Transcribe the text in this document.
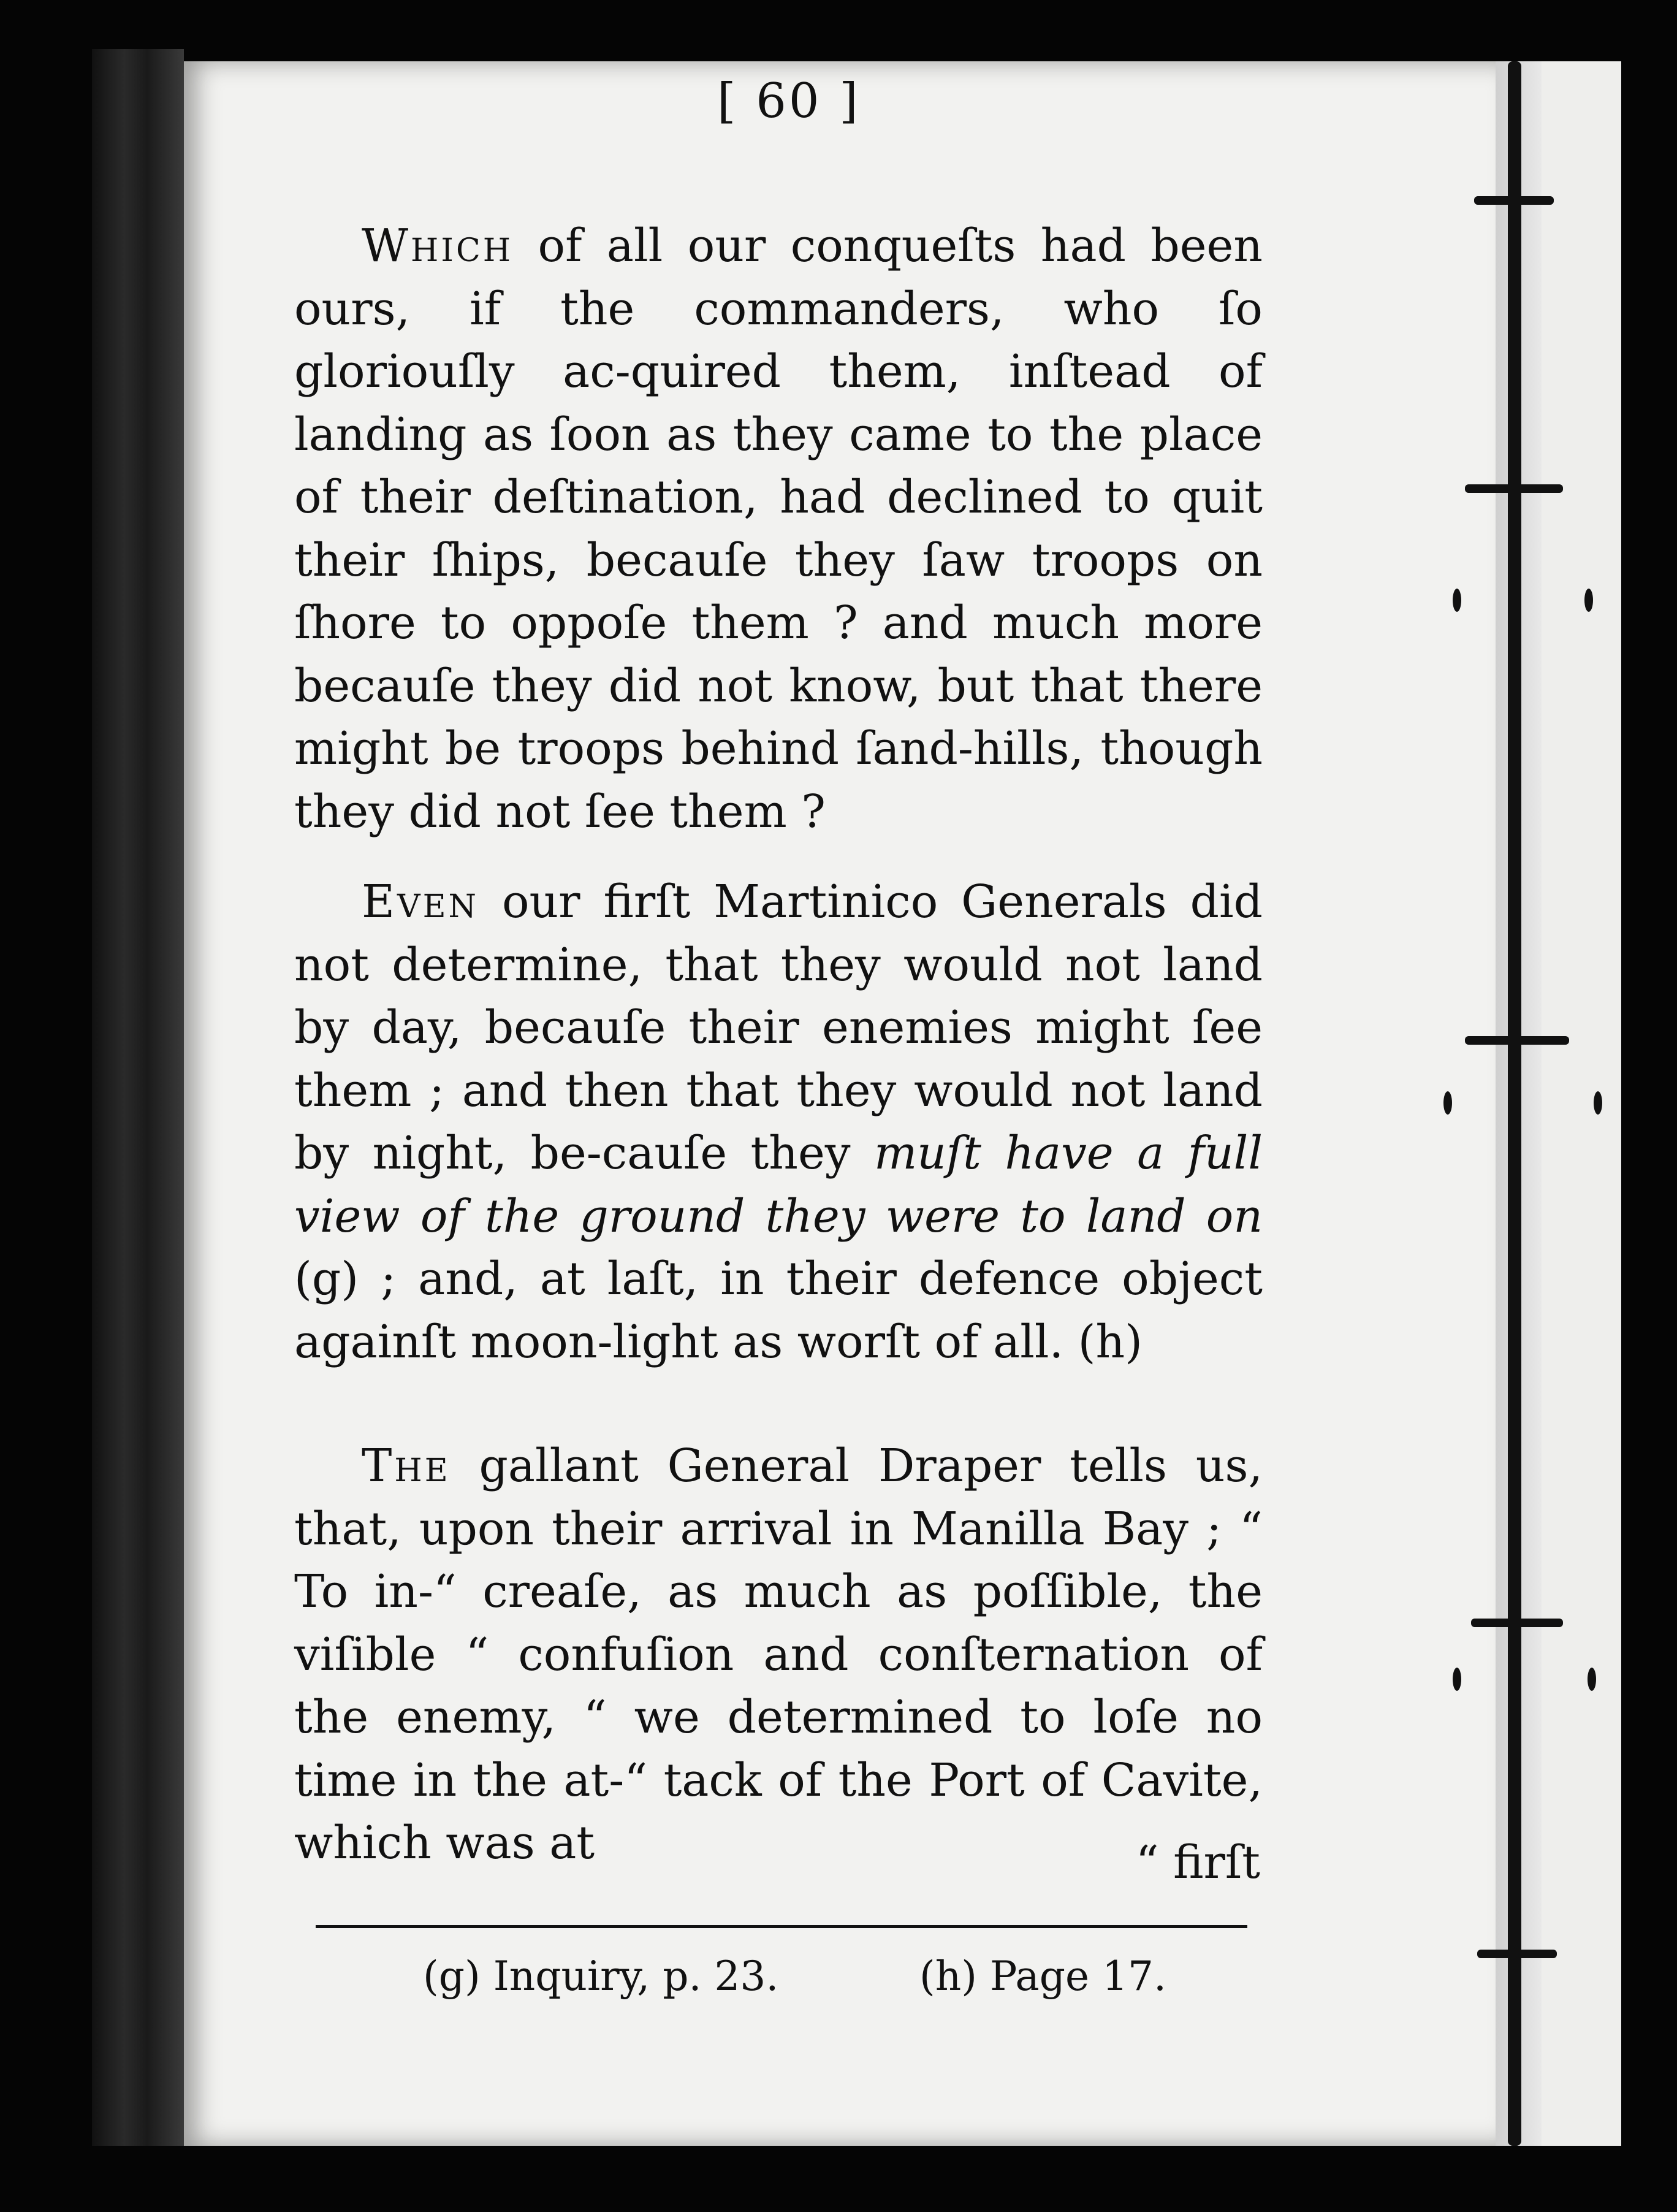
[ 60 ]
Which of all our conqueſts had been ours, if the commanders, who ſo gloriouſly ac-quired them, inſtead of landing as ſoon as they came to the place of their deſtination, had declined to quit their ſhips, becauſe they ſaw troops on ſhore to oppoſe them ? and much more becauſe they did not know, but that there might be troops behind ſand-hills, though they did not ſee them ?
Even our firſt Martinico Generals did not determine, that they would not land by day, becauſe their enemies might ſee them ; and then that they would not land by night, be-cauſe they muſt have a full view of the ground they were to land on (g) ; and, at laſt, in their defence object againſt moon-light as worſt of all. (h)
The gallant General Draper tells us, that, upon their arrival in Manilla Bay ; “ To in-“ creaſe, as much as poſſible, the viſible “ confuſion and conſternation of the enemy, “ we determined to loſe no time in the at-“ tack of the Port of Cavite, which was at	“ firſt
(g) Inquiry, p. 23.	(h) Page 17.
